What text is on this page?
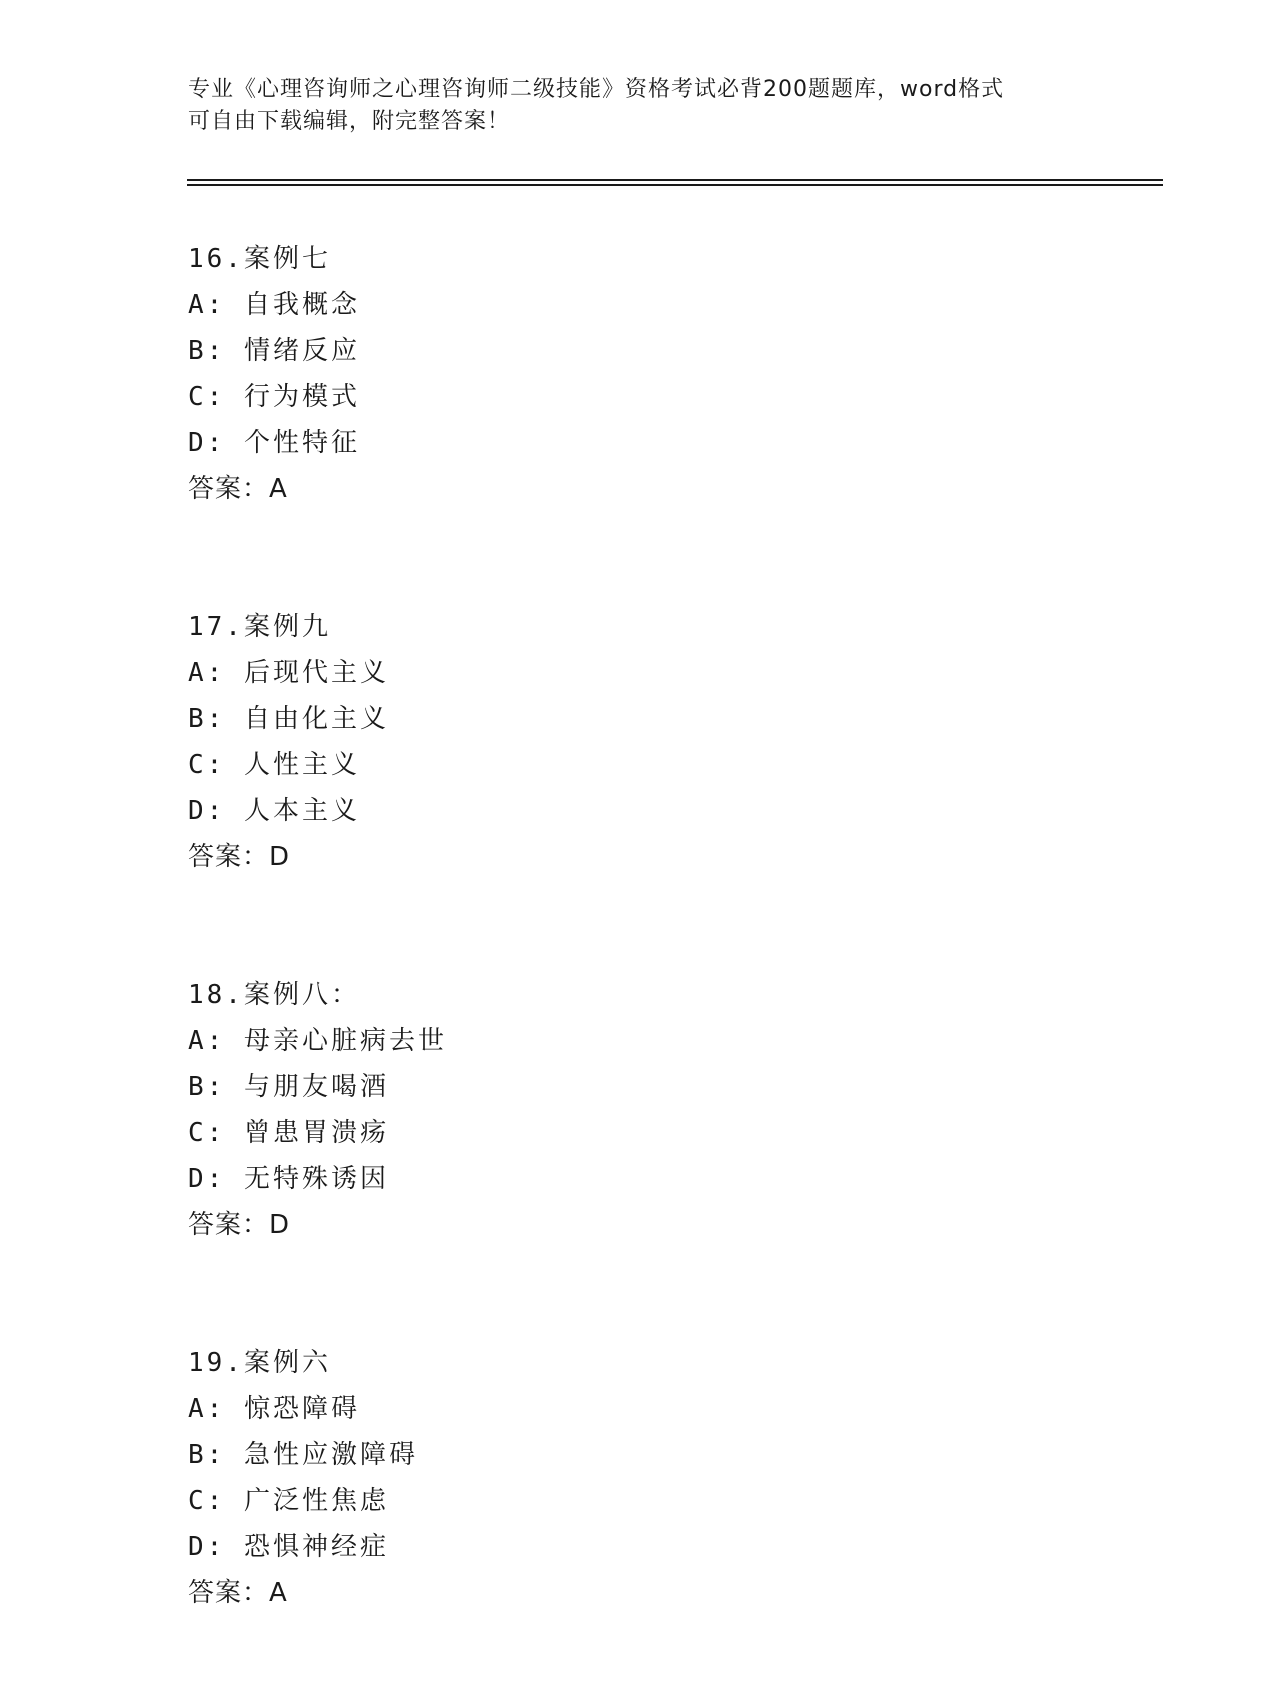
专业《心理咨询师之心理咨询师二级技能》资格考试必背200题题库，word格式
可自由下载编辑，附完整答案！
16.案例七
A: 自我概念
B: 情绪反应
C: 行为模式
D: 个性特征
答案：A
17.案例九
A: 后现代主义
B: 自由化主义
C: 人性主义
D: 人本主义
答案：D
18.案例八：
A: 母亲心脏病去世
B: 与朋友喝酒
C: 曾患胃溃疡
D: 无特殊诱因
答案：D
19.案例六
A: 惊恐障碍
B: 急性应激障碍
C: 广泛性焦虑
D: 恐惧神经症
答案：A
